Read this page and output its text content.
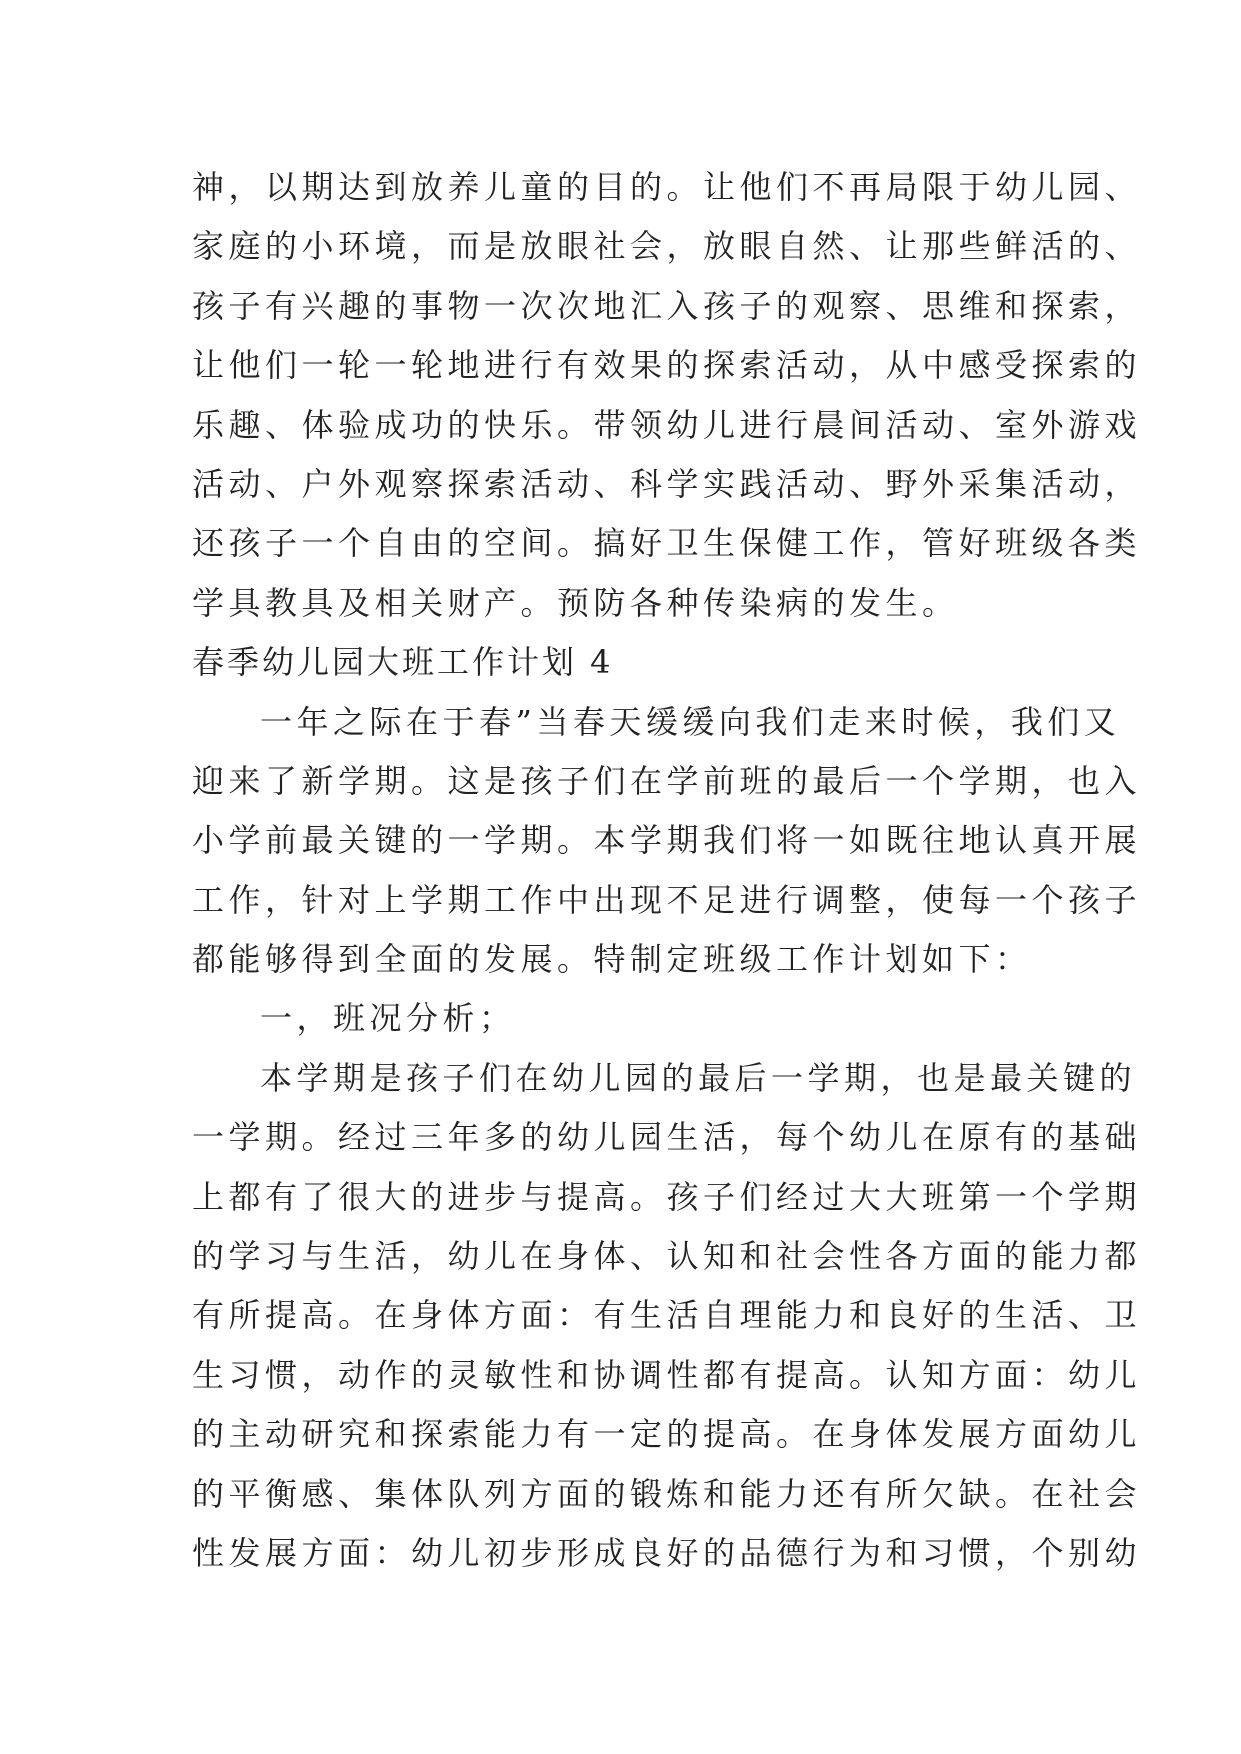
神，以期达到放养儿童的目的。让他们不再局限于幼儿园、
家庭的小环境，而是放眼社会，放眼自然、让那些鲜活的、
孩子有兴趣的事物一次次地汇入孩子的观察、思维和探索，
让他们一轮一轮地进行有效果的探索活动，从中感受探索的
乐趣、体验成功的快乐。带领幼儿进行晨间活动、室外游戏
活动、户外观察探索活动、科学实践活动、野外采集活动，
还孩子一个自由的空间。搞好卫生保健工作，管好班级各类
学具教具及相关财产。预防各种传染病的发生。
春季幼儿园大班工作计划 4
一年之际在于春”当春天缓缓向我们走来时候，我们又
迎来了新学期。这是孩子们在学前班的最后一个学期，也入
小学前最关键的一学期。本学期我们将一如既往地认真开展
工作，针对上学期工作中出现不足进行调整，使每一个孩子
都能够得到全面的发展。特制定班级工作计划如下：
一，班况分析；
本学期是孩子们在幼儿园的最后一学期，也是最关键的
一学期。经过三年多的幼儿园生活，每个幼儿在原有的基础
上都有了很大的进步与提高。孩子们经过大大班第一个学期
的学习与生活，幼儿在身体、认知和社会性各方面的能力都
有所提高。在身体方面：有生活自理能力和良好的生活、卫
生习惯，动作的灵敏性和协调性都有提高。认知方面：幼儿
的主动研究和探索能力有一定的提高。在身体发展方面幼儿
的平衡感、集体队列方面的锻炼和能力还有所欠缺。在社会
性发展方面：幼儿初步形成良好的品德行为和习惯，个别幼
